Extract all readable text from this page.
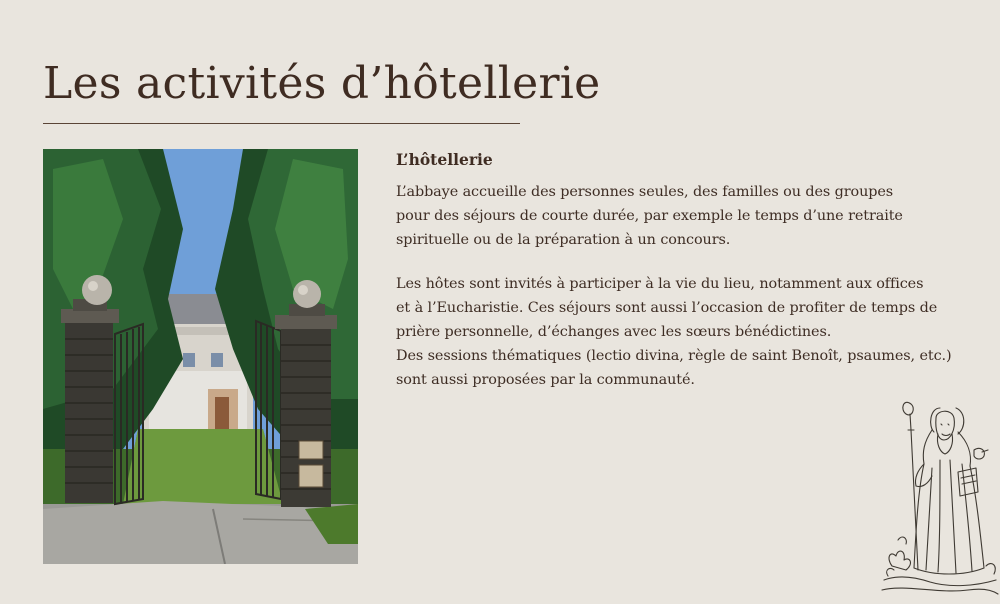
Les activités d’hôtellerie
L’hôtellerie

L’abbaye accueille des personnes seules, des familles ou des groupes
pour des séjours de courte durée, par exemple le temps d’une retraite
spirituelle ou de la préparation à un concours.

Les hôtes sont invités à participer à la vie du lieu, notamment aux offices
et à l’Eucharistie. Ces séjours sont aussi l’occasion de profiter de temps de
prière personnelle, d’échanges avec les sœurs bénédictines.
Des sessions thématiques (lectio divina, règle de saint Benoît, psaumes, etc.)
sont aussi proposées par la communauté.
